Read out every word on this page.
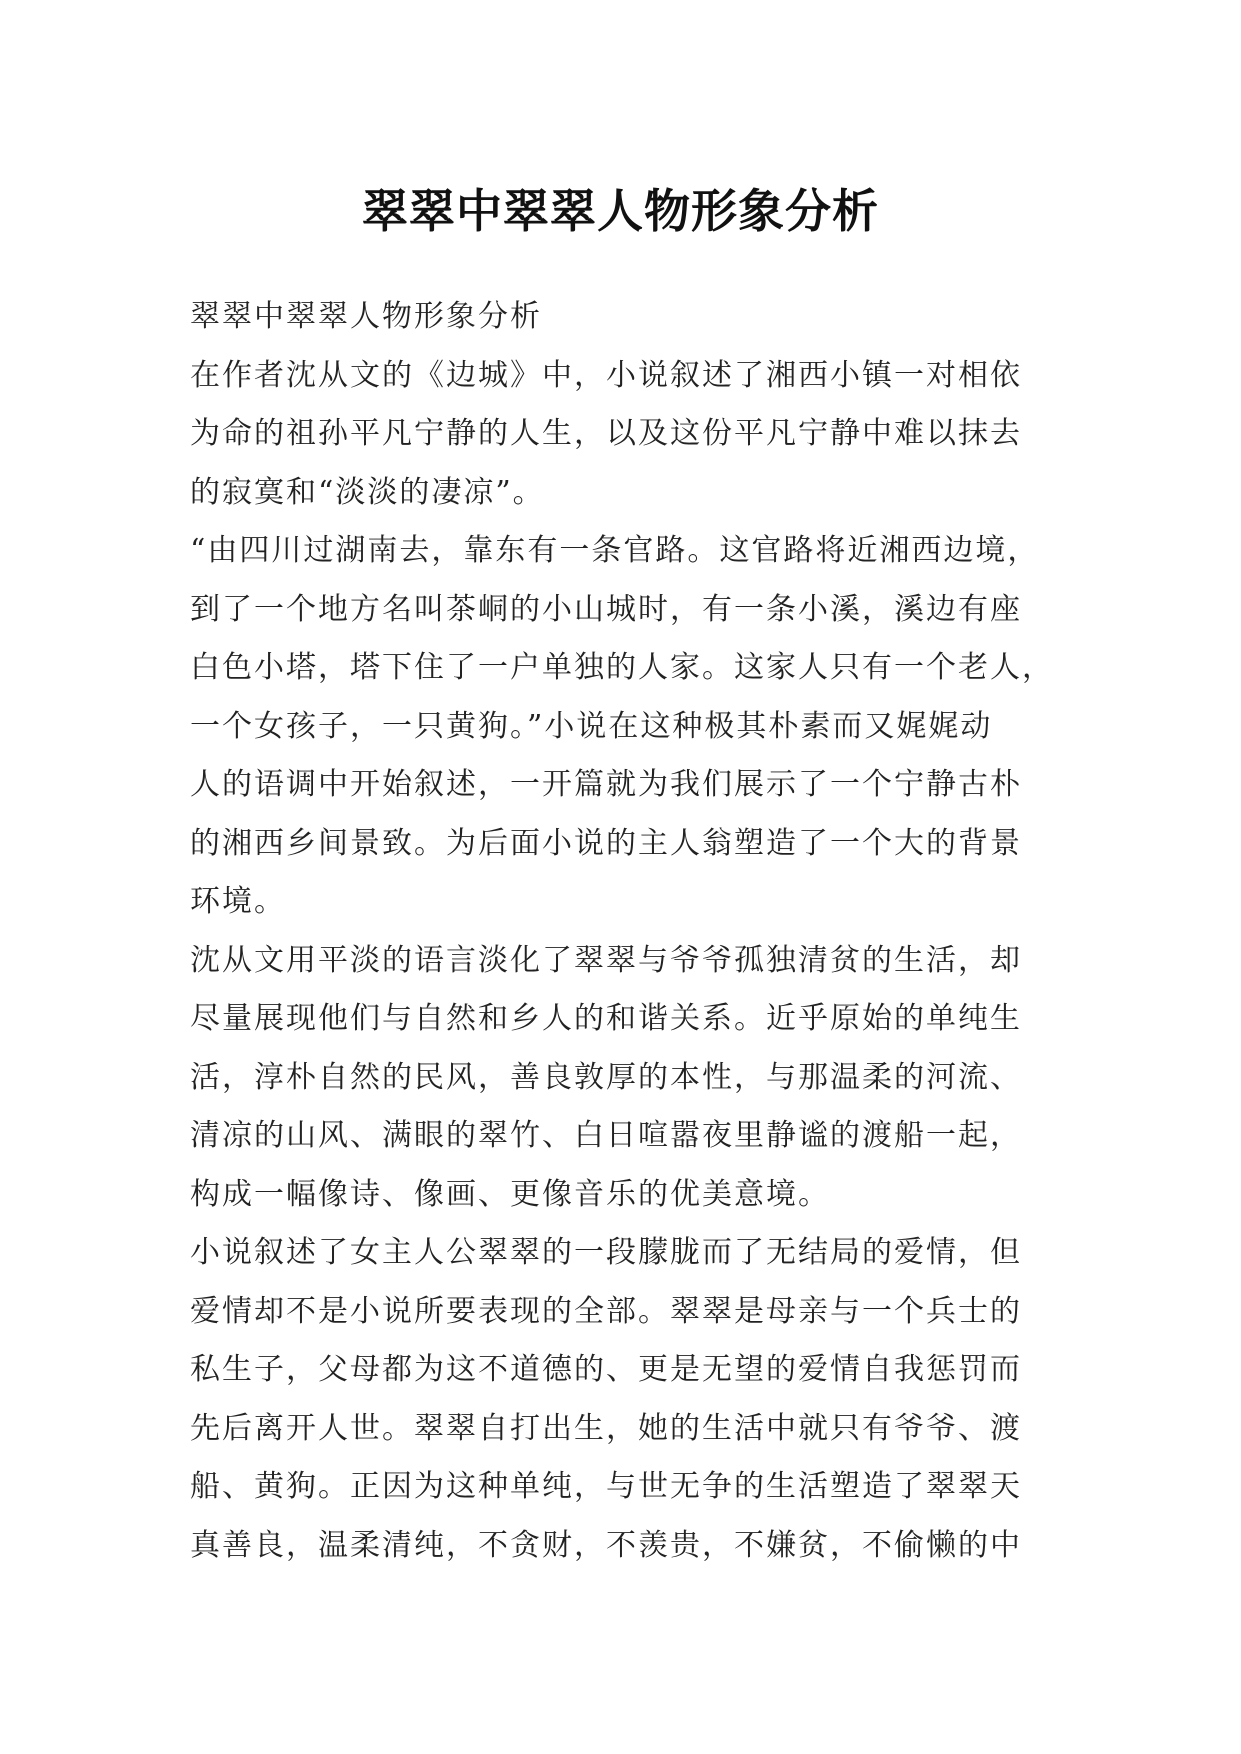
翠翠中翠翠人物形象分析

翠翠中翠翠人物形象分析

在作者沈从文的《边城》中，小说叙述了湘西小镇一对相依

为命的祖孙平凡宁静的人生，以及这份平凡宁静中难以抹去

的寂寞和“淡淡的凄凉”。

“由四川过湖南去，靠东有一条官路。这官路将近湘西边境，

到了一个地方名叫茶峒的小山城时，有一条小溪，溪边有座

白色小塔，塔下住了一户单独的人家。这家人只有一个老人，

一个女孩子，一只黄狗。”小说在这种极其朴素而又娓娓动

人的语调中开始叙述，一开篇就为我们展示了一个宁静古朴

的湘西乡间景致。为后面小说的主人翁塑造了一个大的背景

环境。

沈从文用平淡的语言淡化了翠翠与爷爷孤独清贫的生活，却

尽量展现他们与自然和乡人的和谐关系。近乎原始的单纯生

活，淳朴自然的民风，善良敦厚的本性，与那温柔的河流、

清凉的山风、满眼的翠竹、白日喧嚣夜里静谧的渡船一起，

构成一幅像诗、像画、更像音乐的优美意境。

小说叙述了女主人公翠翠的一段朦胧而了无结局的爱情，但

爱情却不是小说所要表现的全部。翠翠是母亲与一个兵士的

私生子，父母都为这不道德的、更是无望的爱情自我惩罚而

先后离开人世。翠翠自打出生，她的生活中就只有爷爷、渡

船、黄狗。正因为这种单纯，与世无争的生活塑造了翠翠天

真善良，温柔清纯，不贪财，不羡贵，不嫌贫，不偷懒的中
